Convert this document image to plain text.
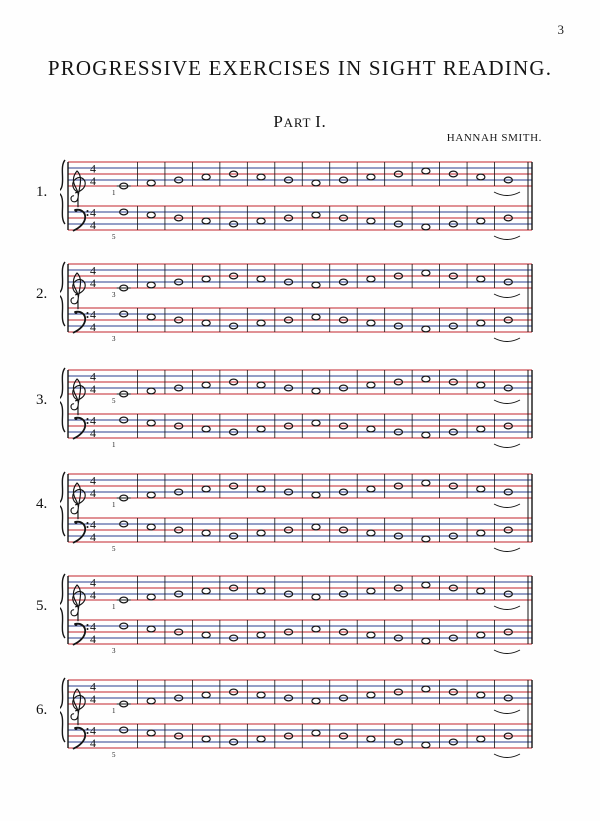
3
PROGRESSIVE EXERCISES IN SIGHT READING.
PART I.
HANNAH SMITH.
1.
4
4
4
4
1
5
2.
4
4
4
4
3
3
3.
4
4
4
4
5
1
4.
4
4
4
4
1
5
5.
4
4
4
4
1
3
6.
4
4
4
4
1
5
